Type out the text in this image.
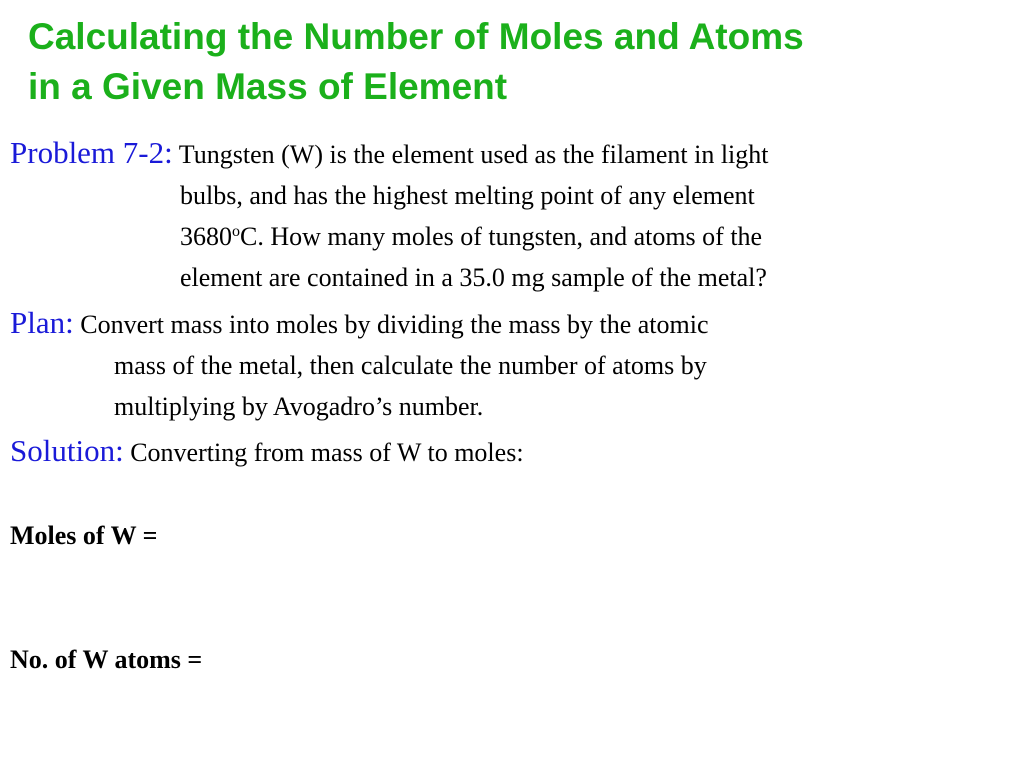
Calculating the Number of Moles and Atoms
in a Given Mass of Element
Problem 7-2: Tungsten (W) is the element used as the filament in light
bulbs, and has the highest melting point of any element
3680$^o$C. How many moles of tungsten, and atoms of the
element are contained in a 35.0 mg sample of the metal?
Plan: Convert mass into moles by dividing the mass by the atomic
mass of the metal, then calculate the number of atoms by
multiplying by Avogadro’s number.
Solution: Converting from mass of W to moles:
Moles of W =
No. of W atoms =
